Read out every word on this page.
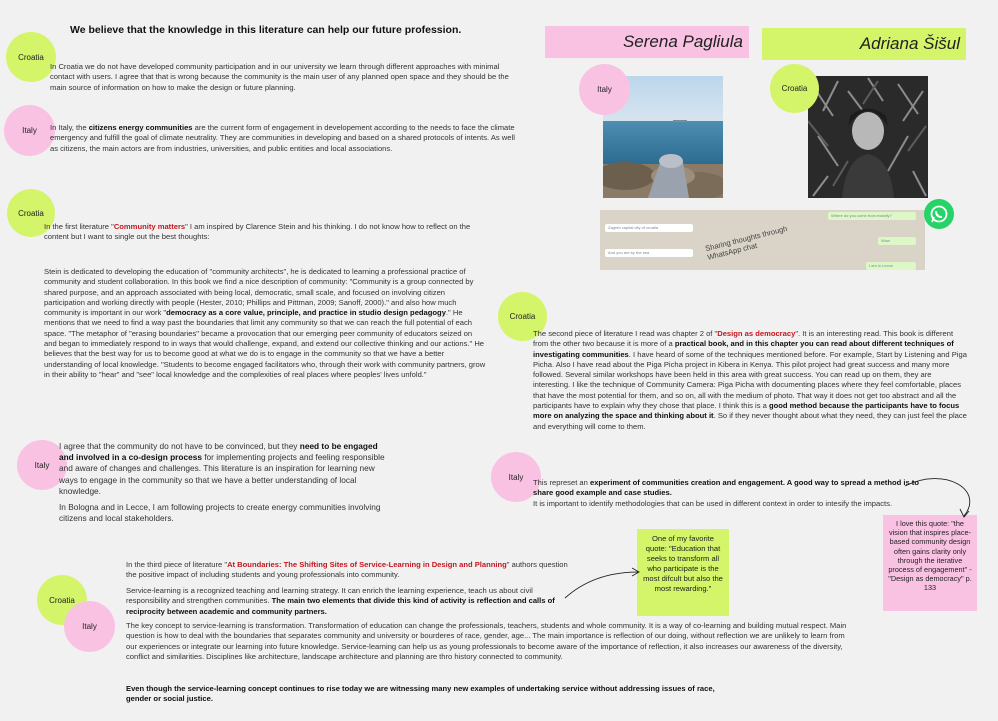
We believe that the knowledge in this literature can help our future profession.
Serena Pagliula	Adriana Šišul
Where do you come from exactly?
Zagreb capital city of croatia
Wow
And you are by the sea
I am in Lecce
Sharing thoughts through WhatsApp chat
Croatia
Italy
Croatia
Italy
Italy	Croatia
Croatia
Italy
Croatia
Italy
In Croatia we do not have developed community participation and in our university we learn through different approaches with minimal contact with users. I agree that that is wrong because the community is the main user of any planned open space and they should be the main source of information on how to make the design or future planning.
In Italy, the citizens energy communities are the current form of engagement in developement according to the needs to face the climate emergency and fulfill the goal of climate neutrality. They are communities in developing and based on a shared protocols of intents. As well as citizens, the main actors are from industries, universities, and public entities and local associations.
In the first literature "Community matters" I am inspired by Clarence Stein and his thinking. I do not know how to reflect on the content but I want to single out the best thoughts:
Stein is dedicated to developing the education of "community architects", he is dedicated to learning a professional practice of community and student collaboration. In this book we find a nice description of community: "Community is a group connected by shared purpose, and an approach associated with being local, democratic, small scale, and focused on involving citizen participation and working directly with people (Hester, 2010; Phillips and Pittman, 2009; Sanoff, 2000)." and also how much community is important in our work "democracy as a core value, principle, and practice in studio design pedagogy." He mentions that we need to find a way past the boundaries that limit any community so that we can reach the full potential of each space. "The metaphor of "erasing boundaries" became a provocation that our emerging peer community of educators seized on and began to immediately respond to in ways that would challenge, expand, and extend our collective thinking and our actions." He believes that the best way for us to become good at what we do is to engage in the community so that we have a better understanding of local knowledge. "Students to become engaged facilitators who, through their work with community partners, grow in their ability to "hear" and "see" local knowledge and the complexities of real places where peoples' lives unfold."

I agree that the community do not have to be convinced, but they need to be engaged and involved in a co-design process for implementing projects and feeling responsible and aware of changes and challenges. This literature is an inspiration for learning new ways to engage in the community so that we have a better understanding of local knowledge.

In Bologna and in Lecce, I am following projects to create energy communities involving citizens and local stakeholders.

The second piece of literature I read was chapter 2 of "Design as democracy". It is an interesting read. This book is different from the other two because it is more of a practical book, and in this chapter you can read about different techniques of investigating communities. I have heard of some of the techniques mentioned before. For example, Start by Listening and Piga Picha. Also I have read about the Piga Picha project in Kibera in Kenya. This pilot project had great success and many more followed. Several similar workshops have been held in this area with great success. You can read up on them, they are interesting. I like the technique of Community Camera: Piga Picha with documenting places where they feel comfortable, places that have the most potential for them, and so on, all with the medium of photo. That way it does not get too abstract and all the participants have to explain why they chose that place. I think this is a good method because the participants have to focus more on analyzing the space and thinking about it. So if they never thought about what they need, they can just feel the place and everything will come to them.
This represet an experiment of communities creation and engagement. A good way to spread a method is to share good example and case studies.
It is important to identify methodologies that can be used in different context in order to intesify the impacts.
In the third piece of literature "At Boundaries: The Shifting Sites of Service-Learning in Design and Planning" authors question the positive impact of including students and young professionals into community.
Service-learning is a recognized teaching and learning strategy. It can enrich the learning experience, teach us about civil responsibility and strengthen communities. The main two elements that divide this kind of activity is reflection and calls of reciprocity between academic and community partners.
The key concept to service-learning is transformation. Transformation of education can change the professionals, teachers, students and whole community. It is a way of co-learning and building mutual respect. Main question is how to deal with the boundaries that separates community and university or bourderes of race, gender, age... The main importance is reflection of our doing, without reflection we are unlikely to learn from our experiences or integrate our learning into future knowledge. Service-learning can help us as young professionals to become aware of the importance of reflection, it also increases our awareness of the diversity, conflict and similarities. Disciplines like architecture, landscape architecture and planning are thro history connected to community.
Even though the service-learning concept continues to rise today we are witnessing many new examples of undertaking service without addressing issues of race, gender or social justice.
One of my favorite quote: "Education that seeks to transform all who participate is the most difcult but also the most rewarding."
I love this quote: "the vision that inspires place-based community design often gains clarity only through the iterative process of engagement" - "Design as democracy" p. 133
